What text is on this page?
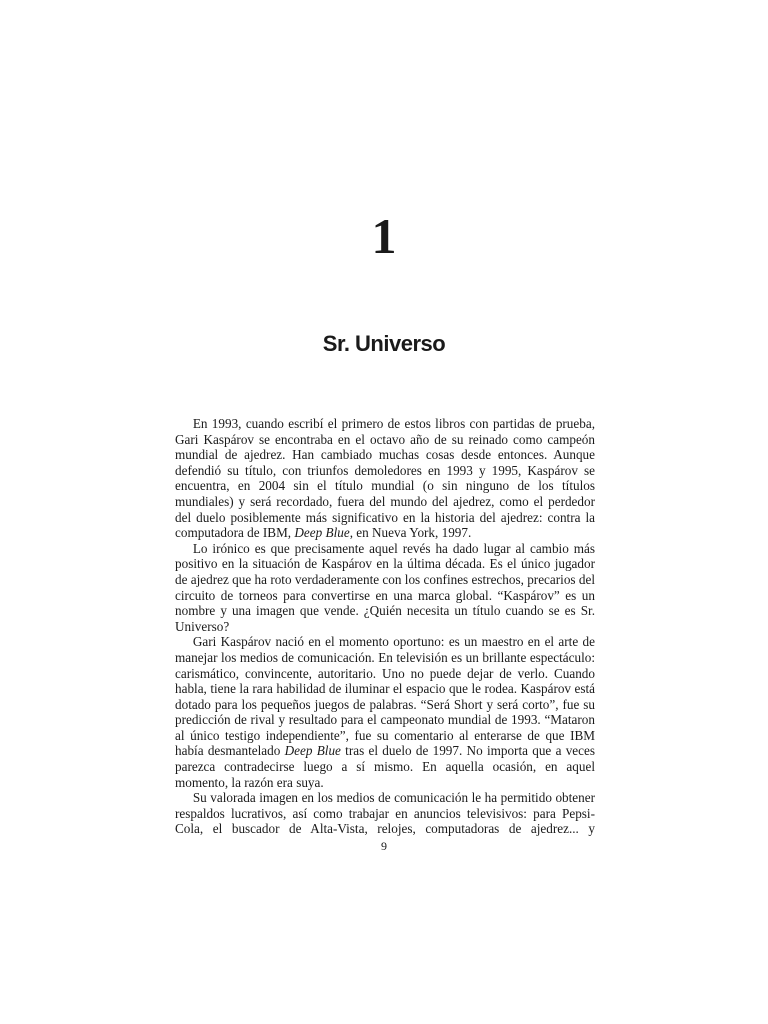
1
Sr. Universo

En 1993, cuando escribí el primero de estos libros con partidas de prueba, Gari Kaspárov se encontraba en el octavo año de su reinado como campeón mundial de ajedrez. Han cambiado muchas cosas desde entonces. Aunque defendió su título, con triunfos demoledores en 1993 y 1995, Kaspárov se encuentra, en 2004 sin el título mundial (o sin ninguno de los títulos mundiales) y será recordado, fuera del mundo del ajedrez, como el perdedor del duelo posiblemente más significativo en la historia del ajedrez: contra la computadora de IBM, Deep Blue, en Nueva York, 1997.

Lo irónico es que precisamente aquel revés ha dado lugar al cambio más positivo en la situación de Kaspárov en la última década. Es el único jugador de ajedrez que ha roto verdaderamente con los confines estrechos, precarios del circuito de torneos para convertirse en una marca global. “Kaspárov” es un nombre y una imagen que vende. ¿Quién necesita un título cuando se es Sr. Universo?

Gari Kaspárov nació en el momento oportuno: es un maestro en el arte de manejar los medios de comunicación. En televisión es un brillante espectáculo: carismático, convincente, autoritario. Uno no puede dejar de verlo. Cuando habla, tiene la rara habilidad de iluminar el espacio que le rodea. Kaspárov está dotado para los pequeños juegos de palabras. “Será Short y será corto”, fue su predicción de rival y resultado para el campeonato mundial de 1993. “Mataron al único testigo independiente”, fue su comentario al enterarse de que IBM había desmantelado Deep Blue tras el duelo de 1997. No importa que a veces parezca contradecirse luego a sí mismo. En aquella ocasión, en aquel momento, la razón era suya.

Su valorada imagen en los medios de comunicación le ha permitido obtener respaldos lucrativos, así como trabajar en anuncios televisivos: para Pepsi-Cola, el buscador de Alta-Vista, relojes, computadoras de ajedrez... y

9
